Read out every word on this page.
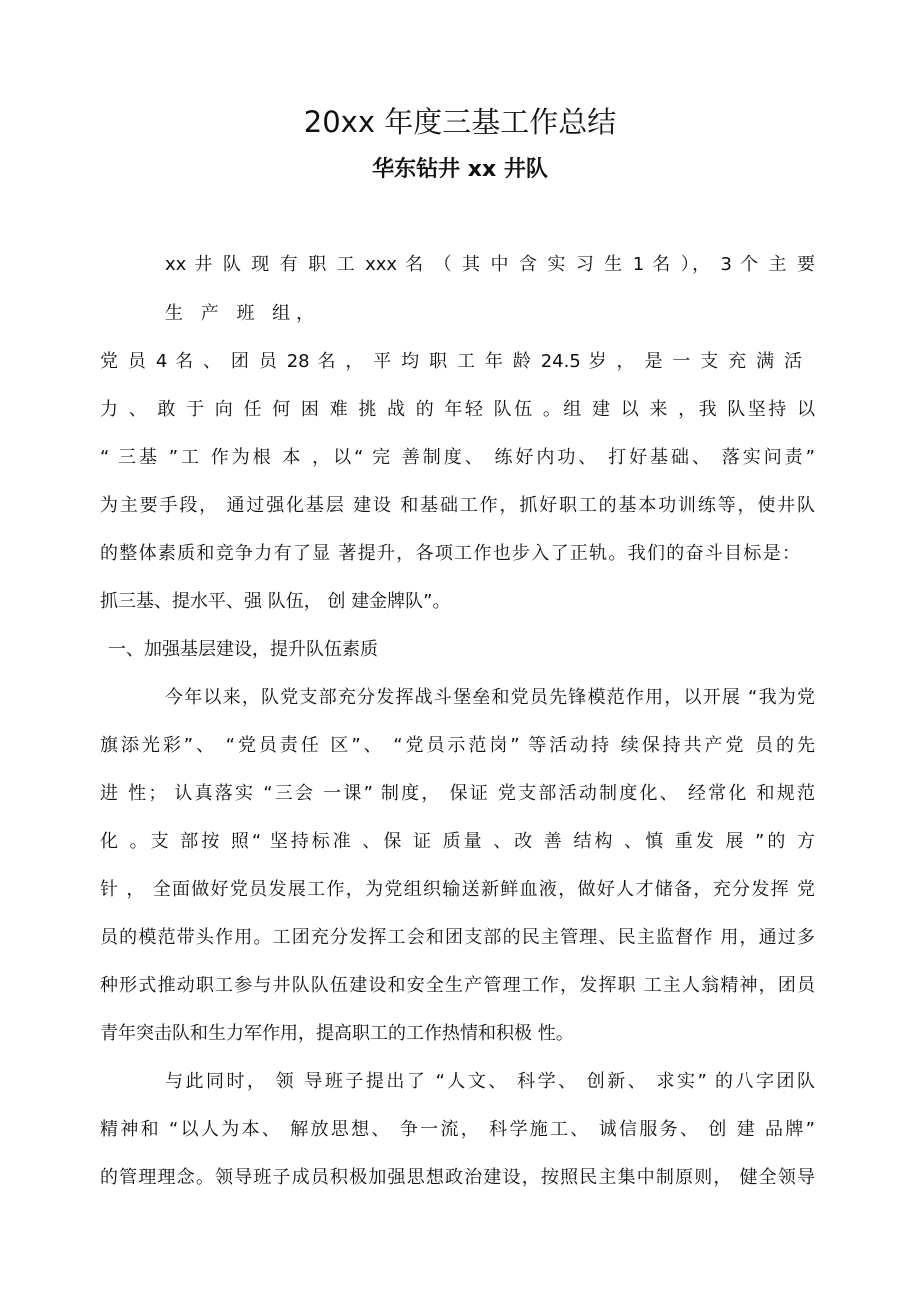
20xx 年度三基工作总结
华东钻井 xx 井队

xx 井 队 现 有 职 工 xxx 名 （ 其 中 含 实 习 生 1 名 ）， 3 个 主 要

生 产 班 组，

党 员 4 名 、 团 员 28 名 ， 平 均 职 工 年 龄 24.5 岁 ， 是 一 支 充 满 活

力 、 敢 于 向 任 何 困 难 挑 战 的 年轻 队伍 。组 建 以 来 ，我 队坚持 以

“ 三基 ”工 作为根 本 ，以“ 完 善制度、 练好内功、 打好基础、 落实问责”

为主要手段， 通过强化基层 建设 和基础工作，抓好职工的基本功训练等，使井队

的整体素质和竞争力有了显 著提升，各项工作也步入了正轨。我们的奋斗目标是：

抓三基、提水平、强 队伍， 创 建金牌队”。

一、加强基层建设，提升队伍素质

今年以来，队党支部充分发挥战斗堡垒和党员先锋模范作用，以开展 “我为党

旗添光彩”、 “党员责任 区”、 “党员示范岗” 等活动持 续保持共产党 员的先

进 性； 认真落实 “三会 一课” 制度， 保证 党支部活动制度化、 经常化 和规范

化 。支 部按 照“ 坚持标准 、保 证 质量 、改 善 结构 、慎 重发 展 ”的 方

针 ， 全面做好党员发展工作，为党组织输送新鲜血液，做好人才储备，充分发挥 党

员的模范带头作用。工团充分发挥工会和团支部的民主管理、民主监督作 用，通过多

种形式推动职工参与井队队伍建设和安全生产管理工作，发挥职 工主人翁精神，团员

青年突击队和生力军作用，提高职工的工作热情和积极 性。

与此同时， 领 导班子提出了 “人文、 科学、 创新、 求实” 的八字团队

精神和 “以人为本、 解放思想、 争一流， 科学施工、 诚信服务、 创 建 品牌”

的管理理念。领导班子成员积极加强思想政治建设，按照民主集中制原则， 健全领导
